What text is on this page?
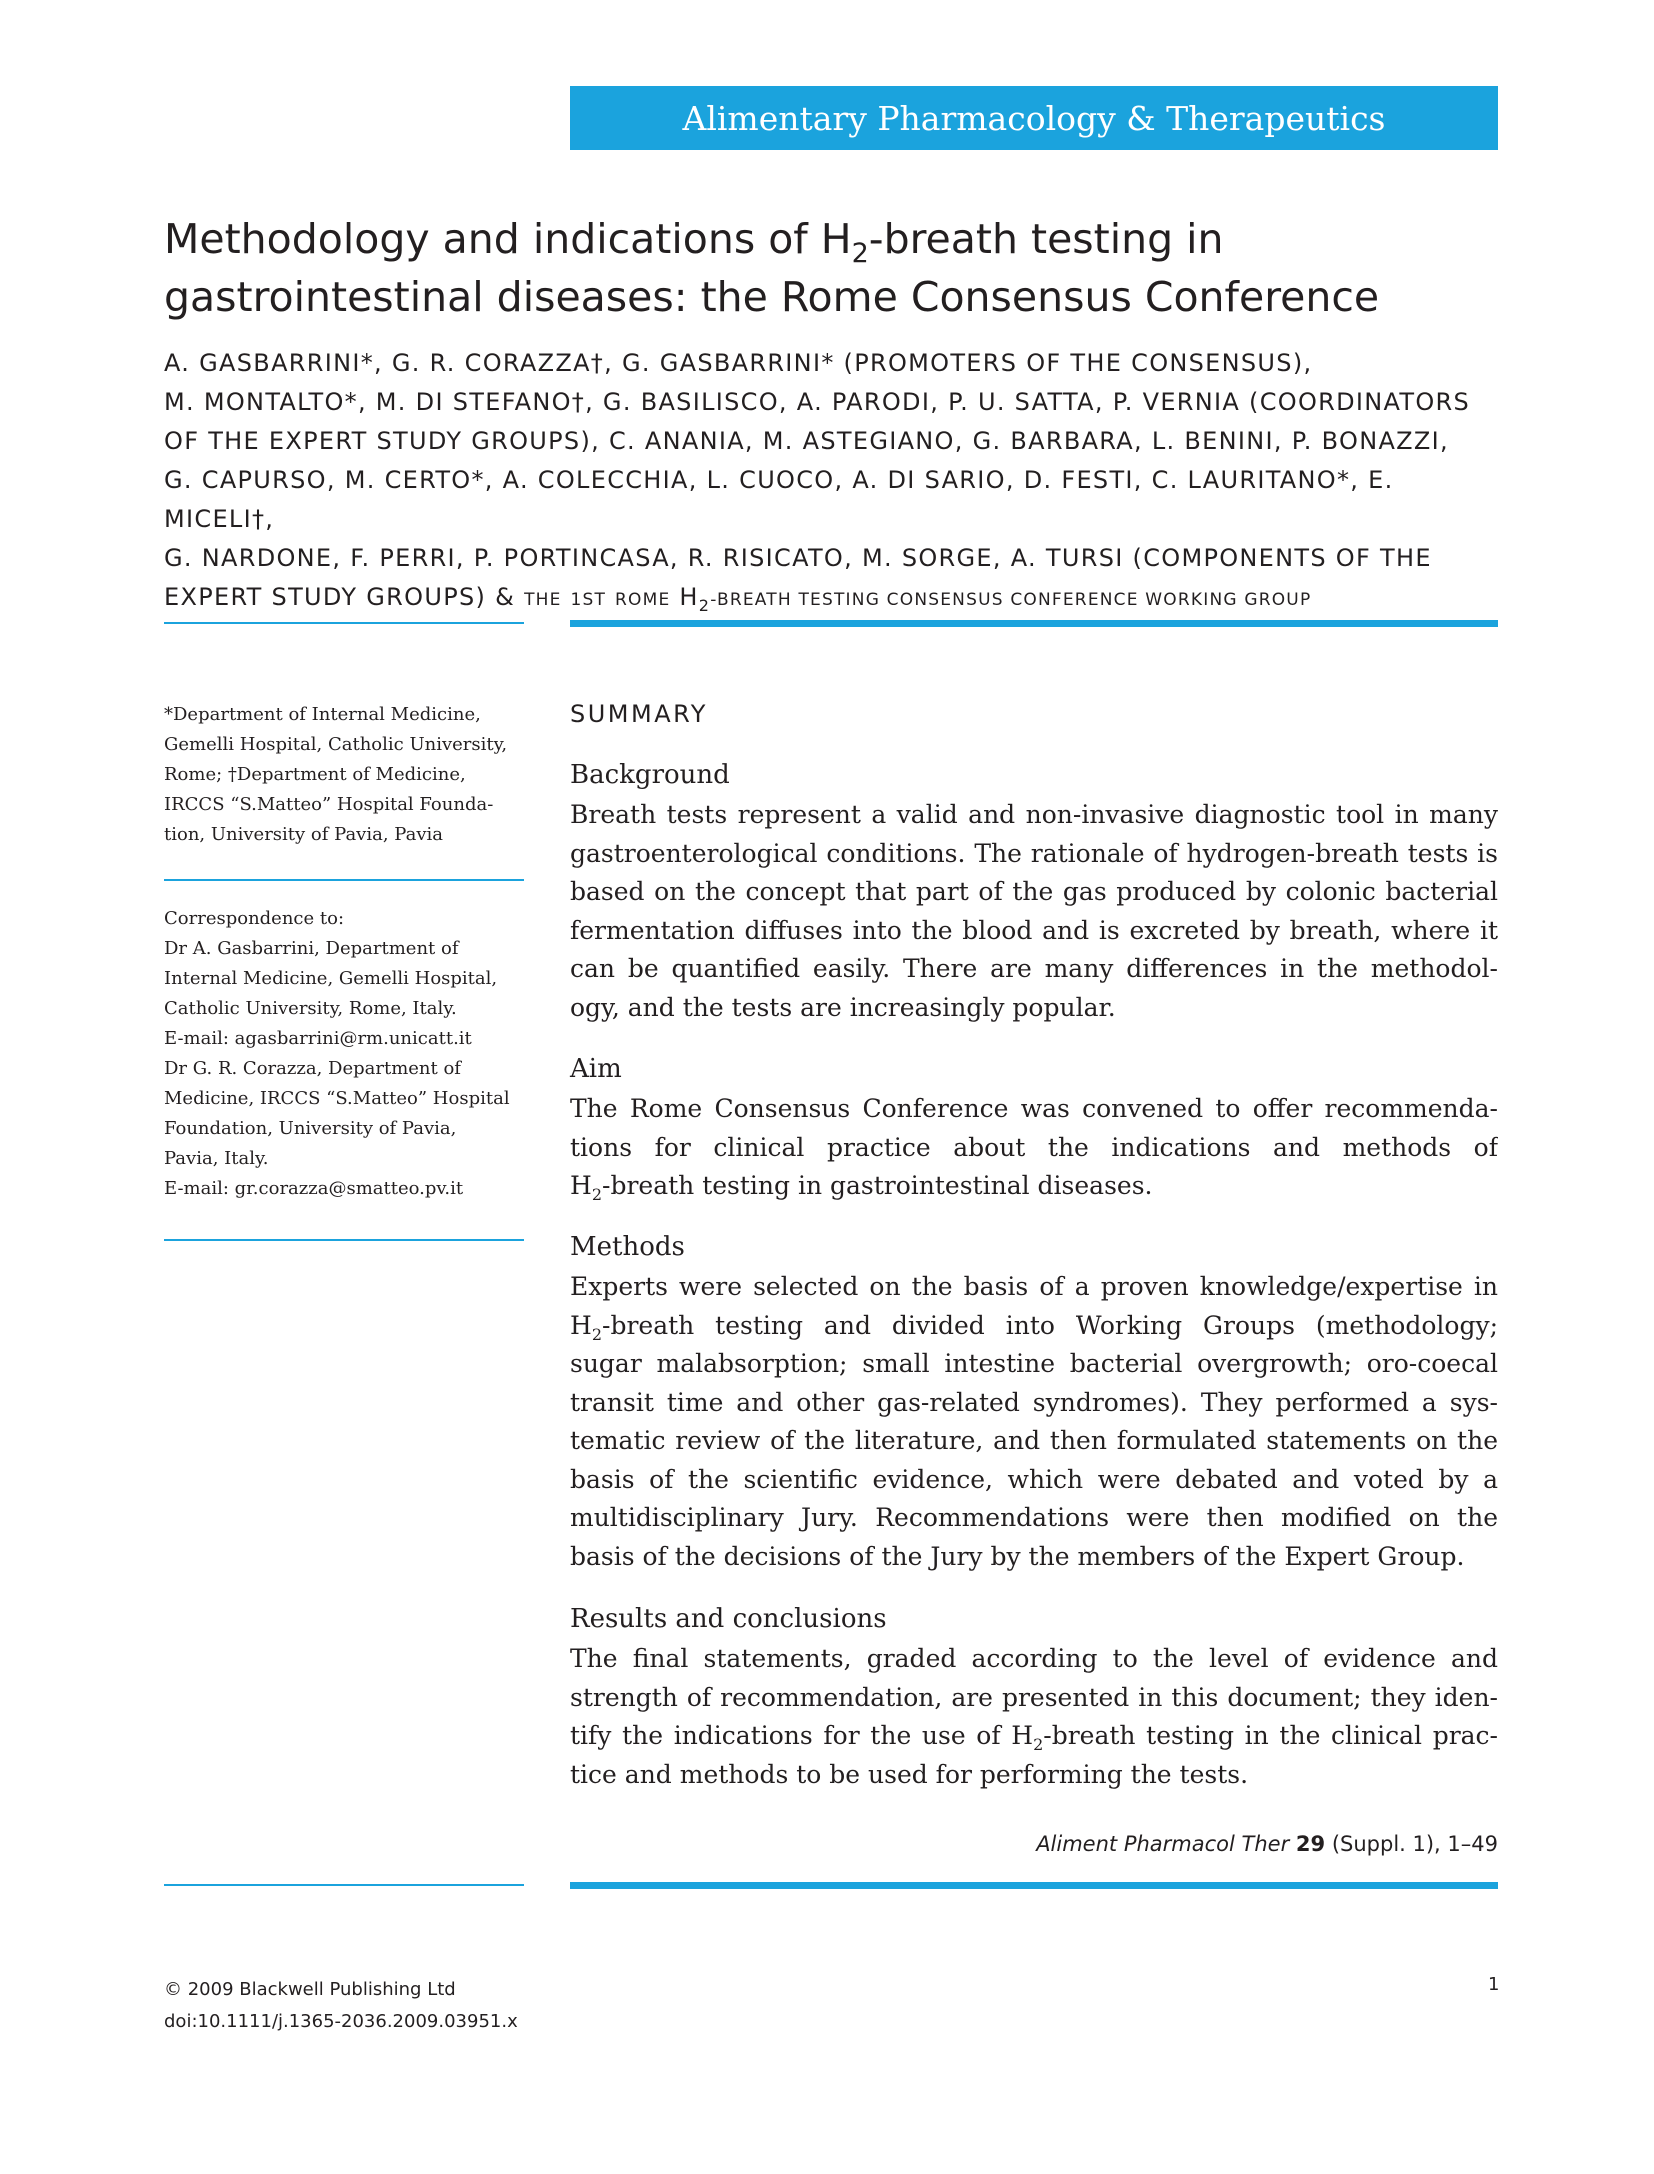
Alimentary Pharmacology & Therapeutics
Methodology and indications of $H_2$-breath testing in
gastrointestinal diseases: the Rome Consensus Conference
A. GASBARRINI*, G. R. CORAZZA†, G. GASBARRINI* (PROMOTERS OF THE CONSENSUS),
M. MONTALTO*, M. DI STEFANO†, G. BASILISCO, A. PARODI, P. U. SATTA, P. VERNIA (COORDINATORS
OF THE EXPERT STUDY GROUPS), C. ANANIA, M. ASTEGIANO, G. BARBARA, L. BENINI, P. BONAZZI,
G. CAPURSO, M. CERTO*, A. COLECCHIA, L. CUOCO, A. DI SARIO, D. FESTI, C. LAURITANO*, E. MICELI†,
G. NARDONE, F. PERRI, P. PORTINCASA, R. RISICATO, M. SORGE, A. TURSI (COMPONENTS OF THE
EXPERT STUDY GROUPS) & THE 1ST ROME $H_2$-BREATH TESTING CONSENSUS CONFERENCE WORKING GROUP
*Department of Internal Medicine,
Gemelli Hospital, Catholic University,
Rome; †Department of Medicine,
IRCCS “S.Matteo” Hospital Founda-
tion, University of Pavia, Pavia
Correspondence to:
Dr A. Gasbarrini, Department of
Internal Medicine, Gemelli Hospital,
Catholic University, Rome, Italy.
E-mail: agasbarrini@rm.unicatt.it
Dr G. R. Corazza, Department of
Medicine, IRCCS “S.Matteo” Hospital
Foundation, University of Pavia,
Pavia, Italy.
E-mail: gr.corazza@smatteo.pv.it
SUMMARY
Background
Breath tests represent a valid and non-invasive diagnostic tool in many
gastroenterological conditions. The rationale of hydrogen-breath tests is
based on the concept that part of the gas produced by colonic bacterial
fermentation diffuses into the blood and is excreted by breath, where it
can be quantified easily. There are many differences in the methodol-
ogy, and the tests are increasingly popular.
Aim
The Rome Consensus Conference was convened to offer recommenda-
tions for clinical practice about the indications and methods of
$H_2$-breath testing in gastrointestinal diseases.
Methods
Experts were selected on the basis of a proven knowledge/expertise in
$H_2$-breath testing and divided into Working Groups (methodology;
sugar malabsorption; small intestine bacterial overgrowth; oro-coecal
transit time and other gas-related syndromes). They performed a sys-
tematic review of the literature, and then formulated statements on the
basis of the scientific evidence, which were debated and voted by a
multidisciplinary Jury. Recommendations were then modified on the
basis of the decisions of the Jury by the members of the Expert Group.
Results and conclusions
The final statements, graded according to the level of evidence and
strength of recommendation, are presented in this document; they iden-
tify the indications for the use of $H_2$-breath testing in the clinical prac-
tice and methods to be used for performing the tests.
Aliment Pharmacol Ther 29 (Suppl. 1), 1–49
© 2009 Blackwell Publishing Ltd
doi:10.1111/j.1365-2036.2009.03951.x
1
